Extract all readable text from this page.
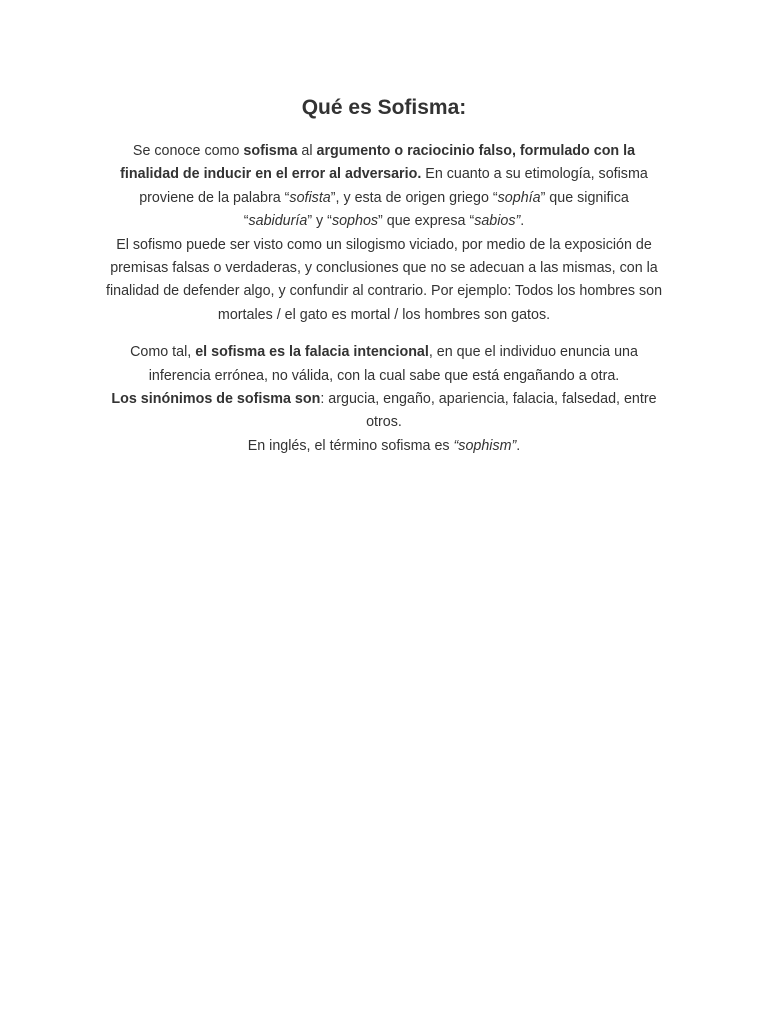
Qué es Sofisma:

Se conoce como sofisma al argumento o raciocinio falso, formulado con la finalidad de inducir en el error al adversario. En cuanto a su etimología, sofisma proviene de la palabra “sofista”, y esta de origen griego “sophía” que significa “sabiduría” y “sophos” que expresa “sabios”.
El sofismo puede ser visto como un silogismo viciado, por medio de la exposición de premisas falsas o verdaderas, y conclusiones que no se adecuan a las mismas, con la finalidad de defender algo, y confundir al contrario. Por ejemplo: Todos los hombres son mortales / el gato es mortal / los hombres son gatos.

Como tal, el sofisma es la falacia intencional, en que el individuo enuncia una inferencia errónea, no válida, con la cual sabe que está engañando a otra.
Los sinónimos de sofisma son: argucia, engaño, apariencia, falacia, falsedad, entre otros.
En inglés, el término sofisma es “sophism”.
